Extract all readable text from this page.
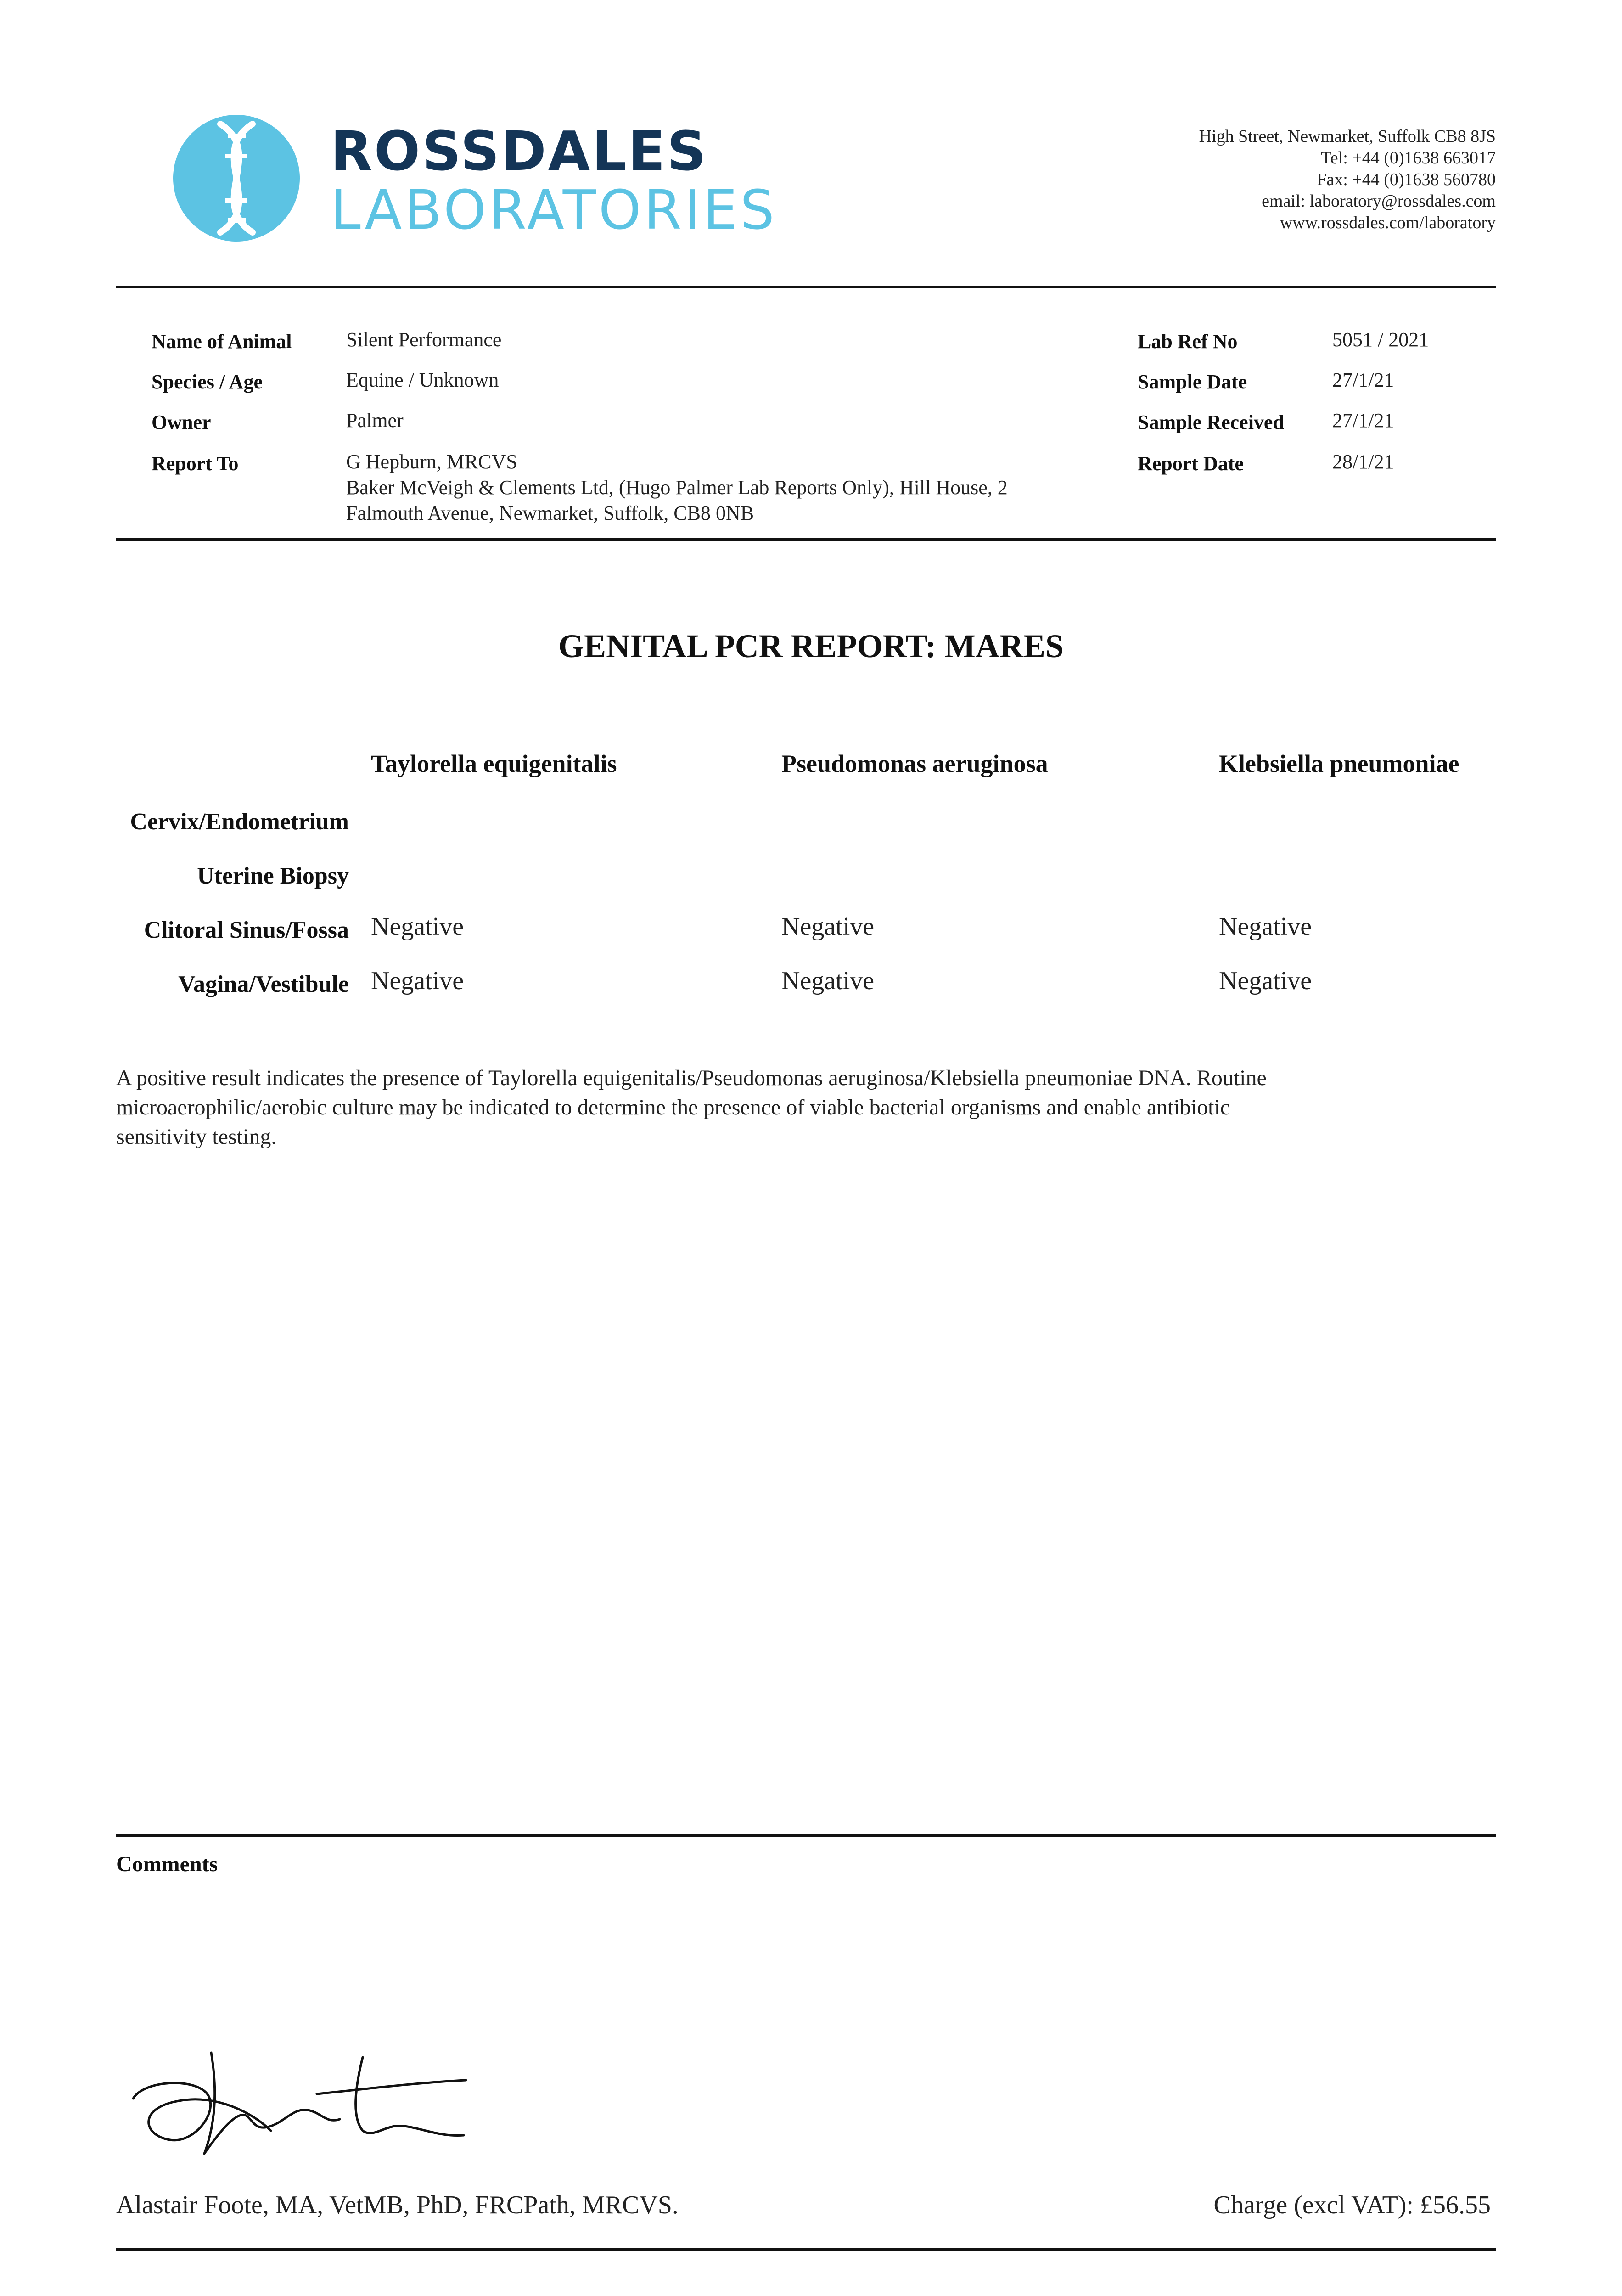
ROSSDALES
LABORATORIES
High Street, Newmarket, Suffolk CB8 8JS
Tel: +44 (0)1638 663017
Fax: +44 (0)1638 560780
email: laboratory@rossdales.com
www.rossdales.com/laboratory
Name of Animal	Silent Performance
Species / Age	Equine / Unknown
Owner	Palmer
Report To	G Hepburn, MRCVS
Baker McVeigh & Clements Ltd, (Hugo Palmer Lab Reports Only), Hill House, 2
Falmouth Avenue, Newmarket, Suffolk, CB8 0NB
Lab Ref No	5051 / 2021
Sample Date	27/1/21
Sample Received 27/1/21
Report Date	28/1/21
GENITAL PCR REPORT: MARES
Taylorella equigenitalis	Pseudomonas aeruginosa	Klebsiella pneumoniae
Cervix/Endometrium
Uterine Biopsy
Clitoral Sinus/Fossa Negative	Negative	Negative
Vagina/Vestibule Negative	Negative	Negative
A positive result indicates the presence of Taylorella equigenitalis/Pseudomonas aeruginosa/Klebsiella pneumoniae DNA. Routine
microaerophilic/aerobic culture may be indicated to determine the presence of viable bacterial organisms and enable antibiotic
sensitivity testing.
Comments
Alastair Foote, MA, VetMB, PhD, FRCPath, MRCVS.	Charge (excl VAT): £56.55
